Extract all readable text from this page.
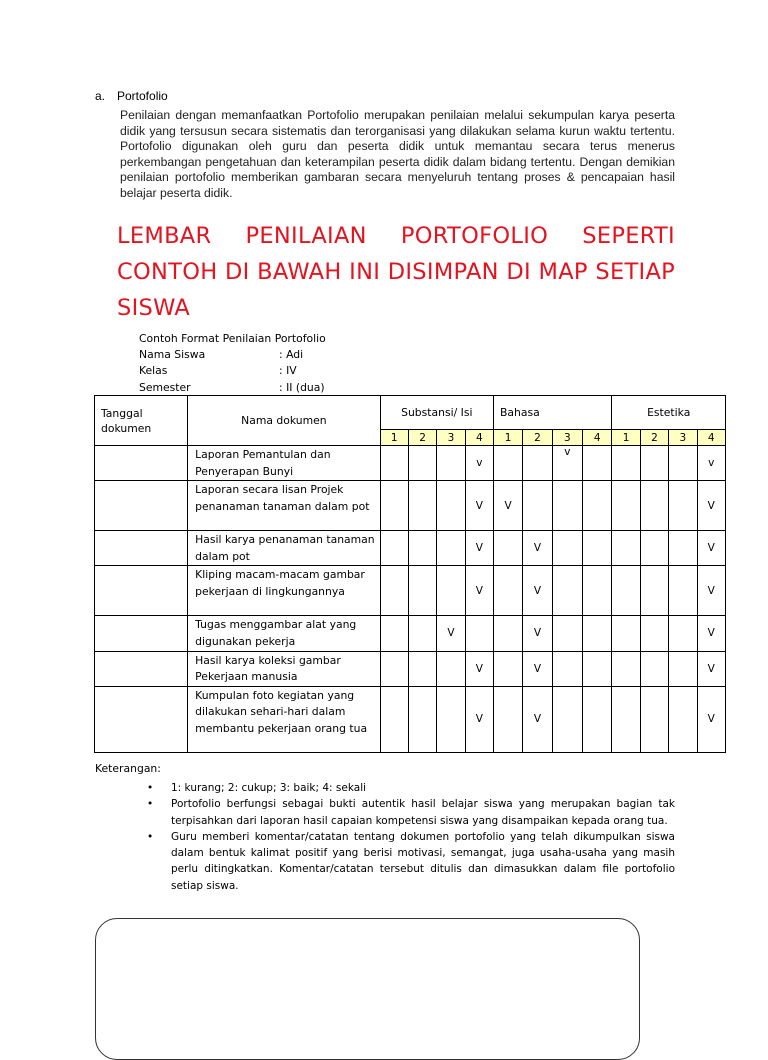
a. Portofolio
Penilaian dengan memanfaatkan Portofolio merupakan penilaian melalui sekumpulan karya peserta didik yang tersusun secara sistematis dan terorganisasi yang dilakukan selama kurun waktu tertentu. Portofolio digunakan oleh guru dan peserta didik untuk memantau secara terus menerus perkembangan pengetahuan dan keterampilan peserta didik dalam bidang tertentu. Dengan demikian penilaian portofolio memberikan gambaran secara menyeluruh tentang proses & pencapaian hasil belajar peserta didik.
LEMBAR PENILAIAN PORTOFOLIO SEPERTI CONTOH DI BAWAH INI DISIMPAN DI MAP SETIAP SISWA
Contoh Format Penilaian Portofolio
Nama Siswa	: Adi
Kelas	: IV
Semester	: II (dua)
Tanggal dokumen	Nama dokumen	Substansi/ Isi				Bahasa				Estetika			
		1	2	3	4	1	2	3	4	1	2	3	4
	Laporan Pemantulan dan Penyerapan Bunyi				v			v					v
	Laporan secara lisan Projek penanaman tanaman dalam pot				V	V							V
	Hasil karya penanaman tanaman dalam pot				V		V						V
	Kliping macam-macam gambar pekerjaan di lingkungannya				V		V						V
	Tugas menggambar alat yang digunakan pekerja			V			V						V
	Hasil karya koleksi gambar Pekerjaan manusia				V		V						V
	Kumpulan foto kegiatan yang dilakukan sehari-hari dalam membantu pekerjaan orang tua				V		V						V
Keterangan:
• 1: kurang; 2: cukup; 3: baik; 4: sekali
• Portofolio berfungsi sebagai bukti autentik hasil belajar siswa yang merupakan bagian tak terpisahkan dari laporan hasil capaian kompetensi siswa yang disampaikan kepada orang tua.
• Guru memberi komentar/catatan tentang dokumen portofolio yang telah dikumpulkan siswa dalam bentuk kalimat positif yang berisi motivasi, semangat, juga usaha-usaha yang masih perlu ditingkatkan. Komentar/catatan tersebut ditulis dan dimasukkan dalam file portofolio setiap siswa.
